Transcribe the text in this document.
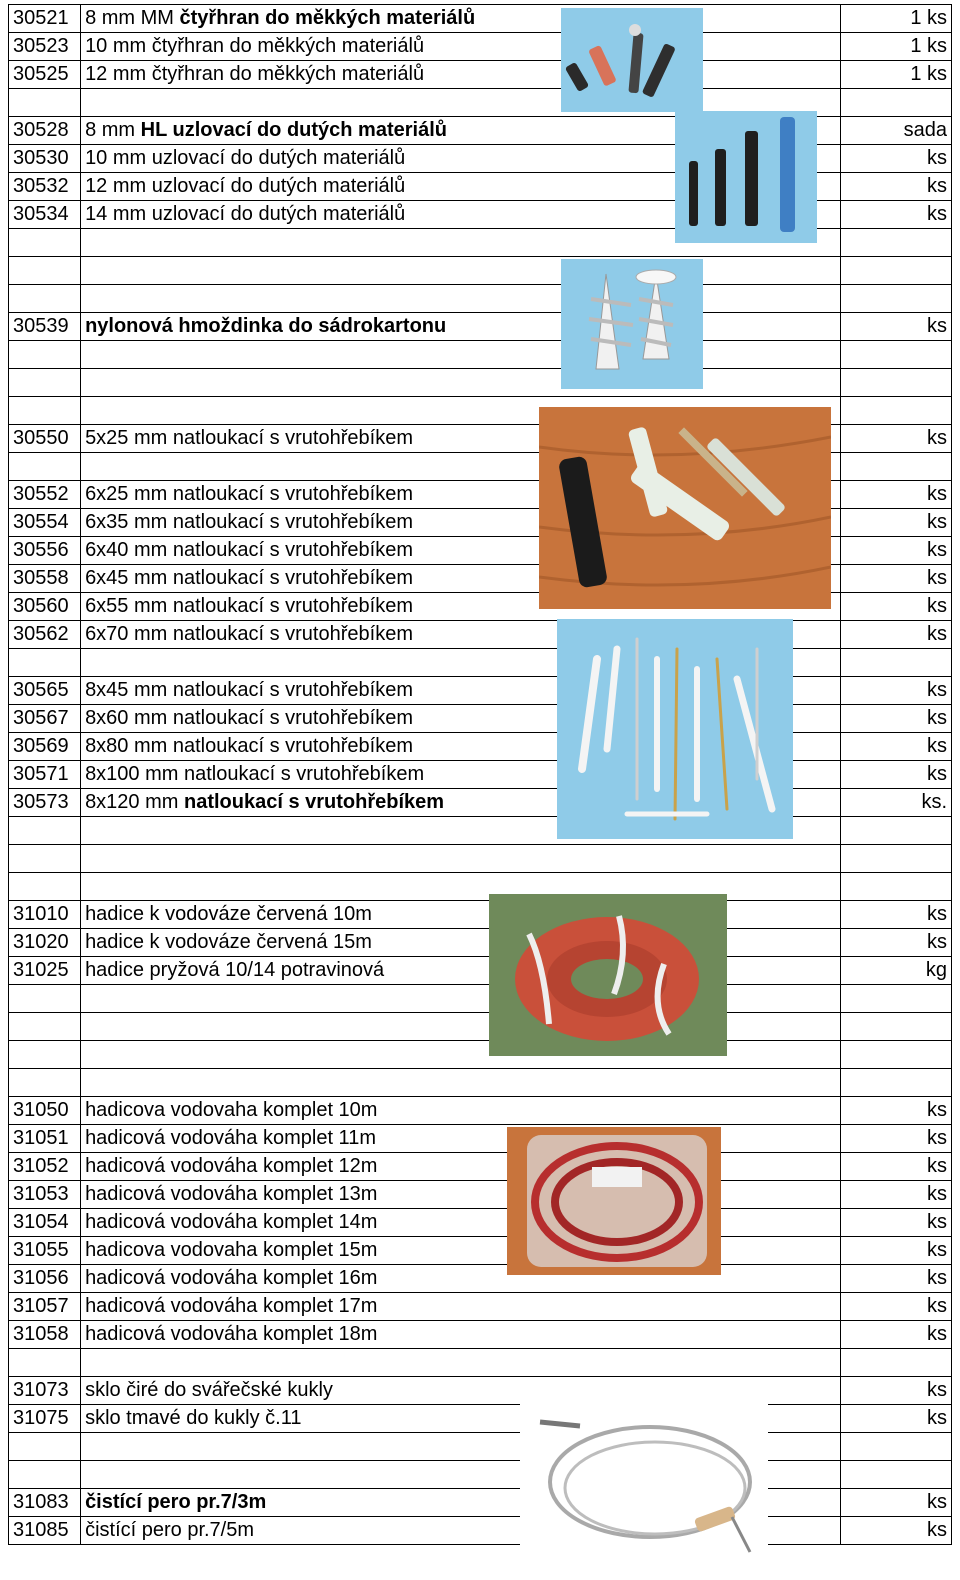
30521	8 mm MM čtyřhran do měkkých materiálů	1 ks
30523	10 mm čtyřhran do měkkých materiálů	1 ks
30525	12 mm čtyřhran do měkkých materiálů	1 ks

30528	8 mm HL uzlovací do dutých materiálů	sada
30530	10 mm uzlovací do dutých materiálů	ks
30532	12 mm uzlovací do dutých materiálů	ks
30534	14 mm uzlovací do dutých materiálů	ks

30539	nylonová hmoždinka do sádrokartonu	ks

30550	5x25 mm natloukací s vrutohřebíkem	ks

30552	6x25 mm natloukací s vrutohřebíkem	ks
30554	6x35 mm natloukací s vrutohřebíkem	ks
30556	6x40 mm natloukací s vrutohřebíkem	ks
30558	6x45 mm natloukací s vrutohřebíkem	ks
30560	6x55 mm natloukací s vrutohřebíkem	ks
30562	6x70 mm natloukací s vrutohřebíkem	ks

30565	8x45 mm natloukací s vrutohřebíkem	ks
30567	8x60 mm natloukací s vrutohřebíkem	ks
30569	8x80 mm natloukací s vrutohřebíkem	ks
30571	8x100 mm natloukací s vrutohřebíkem	ks
30573	8x120 mm natloukací s vrutohřebíkem	ks.

31010	hadice k vodováze červená 10m	ks
31020	hadice k vodováze červená 15m	ks
31025	hadice pryžová 10/14 potravinová	kg

31050	hadicova vodovaha komplet 10m	ks
31051	hadicová vodováha komplet 11m	ks
31052	hadicová vodováha komplet 12m	ks
31053	hadicová vodováha komplet 13m	ks
31054	hadicová vodováha komplet 14m	ks
31055	hadicova vodovaha komplet 15m	ks
31056	hadicová vodováha komplet 16m	ks
31057	hadicová vodováha komplet 17m	ks
31058	hadicová vodováha komplet 18m	ks

31073	sklo čiré do svářečské kukly	ks
31075	sklo tmavé do kukly č.11	ks

31083	čistící pero pr.7/3m	ks
31085	čistící pero pr.7/5m	ks
